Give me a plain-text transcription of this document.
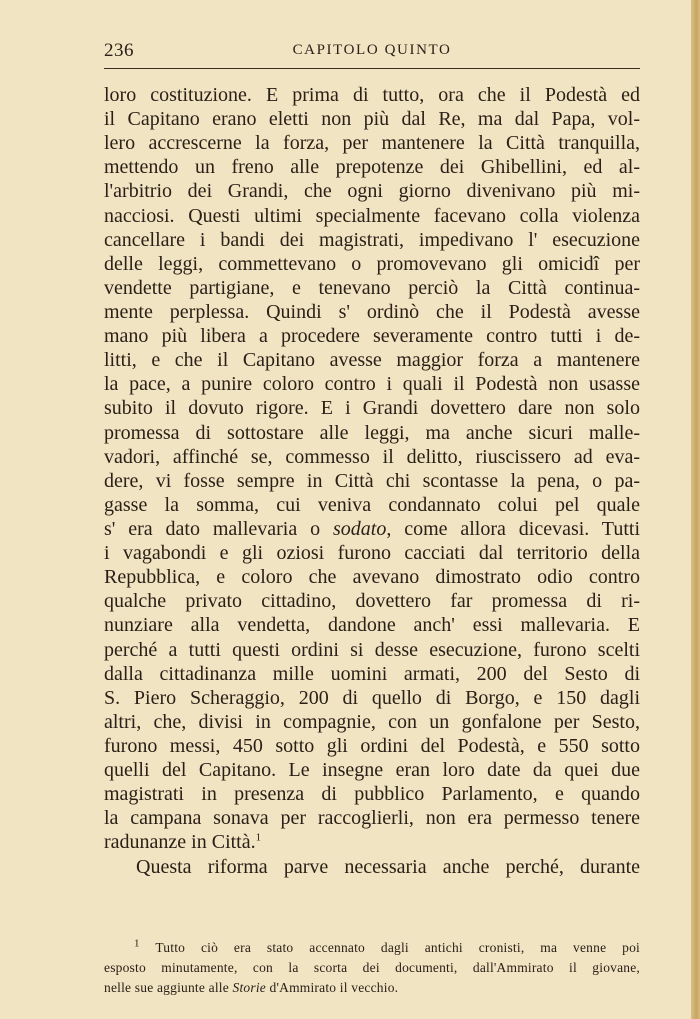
236	CAPITOLO QUINTO
loro costituzione. E prima di tutto, ora che il Podestà ed
il Capitano erano eletti non più dal Re, ma dal Papa, vol-
lero accrescerne la forza, per mantenere la Città tranquilla,
mettendo un freno alle prepotenze dei Ghibellini, ed al-
l'arbitrio dei Grandi, che ogni giorno divenivano più mi-
nacciosi. Questi ultimi specialmente facevano colla violenza
cancellare i bandi dei magistrati, impedivano l' esecuzione
delle leggi, commettevano o promovevano gli omicidî per
vendette partigiane, e tenevano perciò la Città continua-
mente perplessa. Quindi s' ordinò che il Podestà avesse
mano più libera a procedere severamente contro tutti i de-
litti, e che il Capitano avesse maggior forza a mantenere
la pace, a punire coloro contro i quali il Podestà non usasse
subito il dovuto rigore. E i Grandi dovettero dare non solo
promessa di sottostare alle leggi, ma anche sicuri malle-
vadori, affinché se, commesso il delitto, riuscissero ad eva-
dere, vi fosse sempre in Città chi scontasse la pena, o pa-
gasse la somma, cui veniva condannato colui pel quale
s' era dato mallevaria o sodato, come allora dicevasi. Tutti
i vagabondi e gli oziosi furono cacciati dal territorio della
Repubblica, e coloro che avevano dimostrato odio contro
qualche privato cittadino, dovettero far promessa di ri-
nunziare alla vendetta, dandone anch' essi mallevaria. E
perché a tutti questi ordini si desse esecuzione, furono scelti
dalla cittadinanza mille uomini armati, 200 del Sesto di
S. Piero Scheraggio, 200 di quello di Borgo, e 150 dagli
altri, che, divisi in compagnie, con un gonfalone per Sesto,
furono messi, 450 sotto gli ordini del Podestà, e 550 sotto
quelli del Capitano. Le insegne eran loro date da quei due
magistrati in presenza di pubblico Parlamento, e quando
la campana sonava per raccoglierli, non era permesso tenere
radunanze in Città.$^1$
Questa riforma parve necessaria anche perché, durante
$^1$ Tutto ciò era stato accennato dagli antichi cronisti, ma venne poi
esposto minutamente, con la scorta dei documenti, dall'Ammirato il giovane,
nelle sue aggiunte alle Storie d'Ammirato il vecchio.
